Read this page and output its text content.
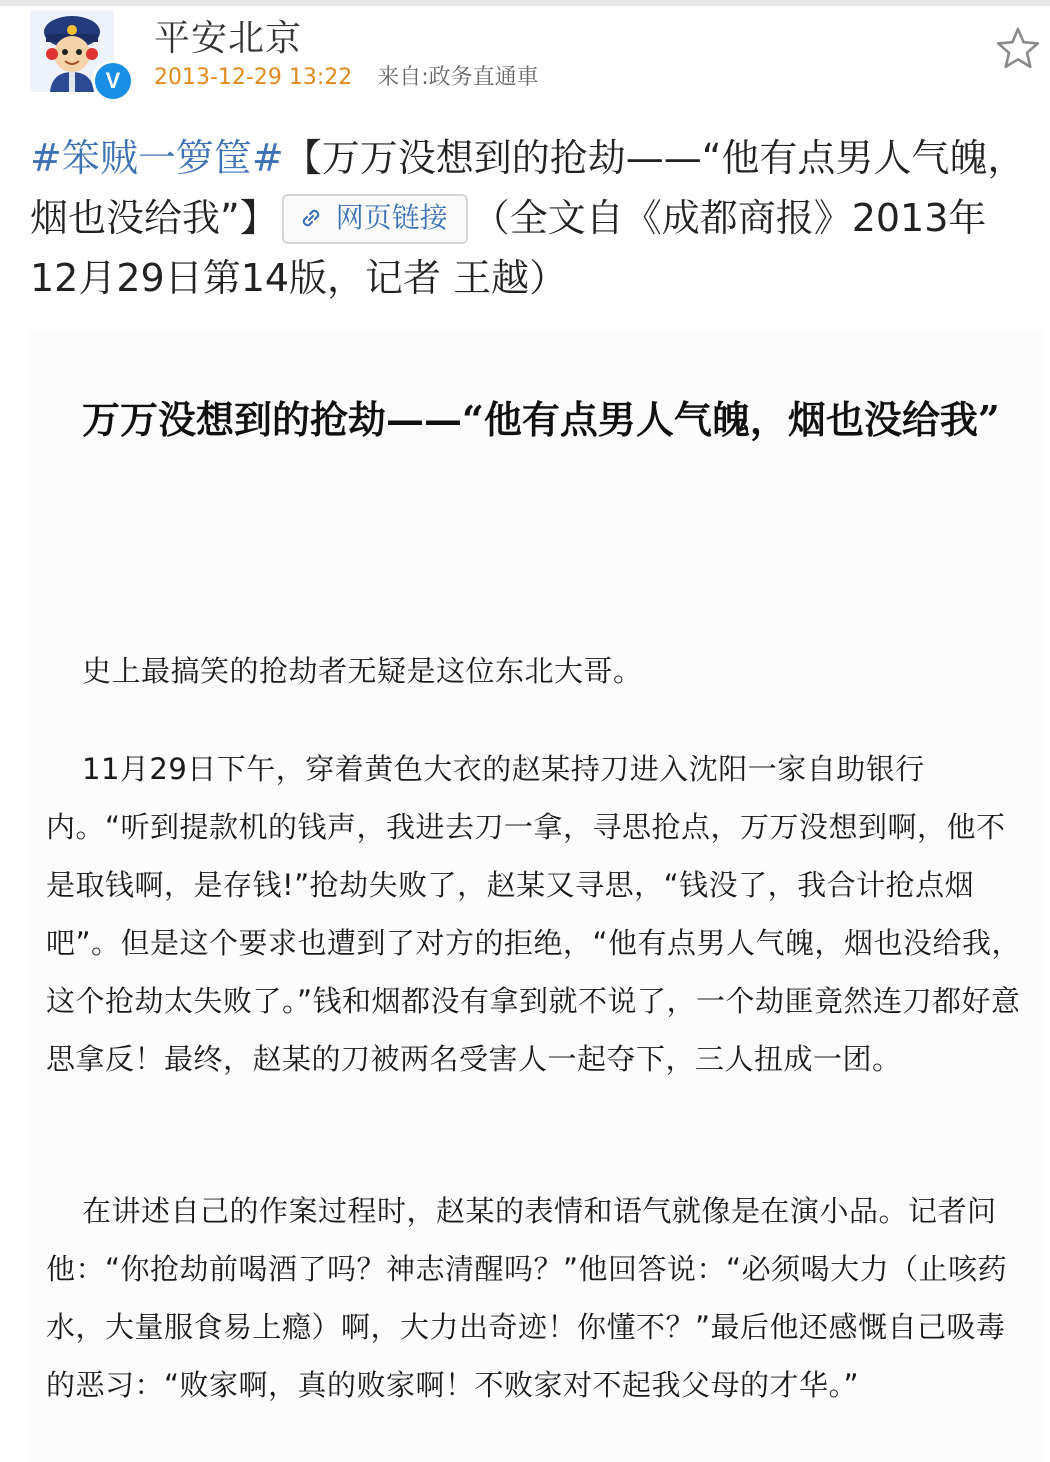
V
平安北京
2013-12-29 13:22 来自:政务直通車
#笨贼一箩筐#【万万没想到的抢劫——“他有点男人气魄，烟也没给我”】 网页链接 （全文自《成都商报》2013年12月29日第14版，记者 王越）
万万没想到的抢劫——“他有点男人气魄，烟也没给我”
史上最搞笑的抢劫者无疑是这位东北大哥。
11月29日下午，穿着黄色大衣的赵某持刀进入沈阳一家自助银行内。“听到提款机的钱声，我进去刀一拿，寻思抢点，万万没想到啊，他不是取钱啊，是存钱!”抢劫失败了，赵某又寻思，“钱没了，我合计抢点烟吧”。但是这个要求也遭到了对方的拒绝，“他有点男人气魄，烟也没给我，这个抢劫太失败了。”钱和烟都没有拿到就不说了，一个劫匪竟然连刀都好意思拿反！最终，赵某的刀被两名受害人一起夺下，三人扭成一团。
在讲述自己的作案过程时，赵某的表情和语气就像是在演小品。记者问他：“你抢劫前喝酒了吗？神志清醒吗？”他回答说：“必须喝大力（止咳药水，大量服食易上瘾）啊，大力出奇迹！你懂不？”最后他还感慨自己吸毒的恶习：“败家啊，真的败家啊！不败家对不起我父母的才华。”
